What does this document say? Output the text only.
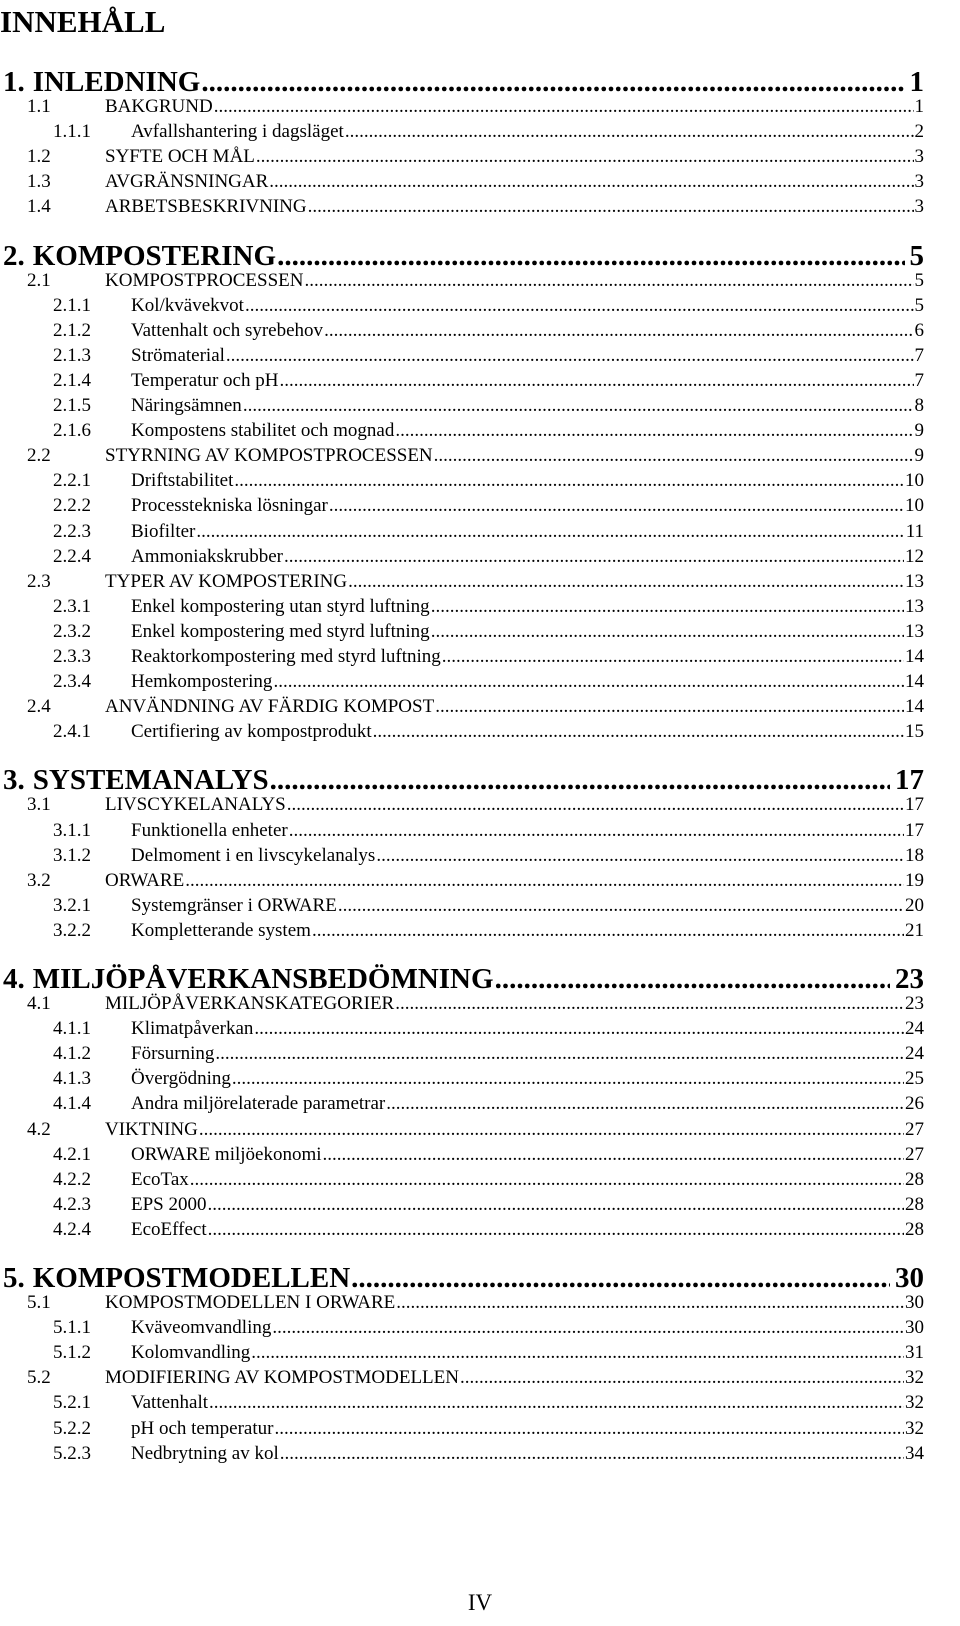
INNEHÅLL
1. INLEDNING .....	1
1.1	BAKGRUND .....	1
1.1.1	Avfallshantering i dagsläget .....	2
1.2	SYFTE OCH MÅL .....	3
1.3	AVGRÄNSNINGAR .....	3
1.4	ARBETSBESKRIVNING .....	3
2. KOMPOSTERING .....	5
2.1	KOMPOSTPROCESSEN .....	5
2.1.1	Kol/kvävekvot .....	5
2.1.2	Vattenhalt och syrebehov .....	6
2.1.3	Strömaterial .....	7
2.1.4	Temperatur och pH .....	7
2.1.5	Näringsämnen .....	8
2.1.6	Kompostens stabilitet och mognad .....	9
2.2	STYRNING AV KOMPOSTPROCESSEN .....	9
2.2.1	Driftstabilitet .....	10
2.2.2	Processtekniska lösningar .....	10
2.2.3	Biofilter .....	11
2.2.4	Ammoniakskrubber .....	12
2.3	TYPER AV KOMPOSTERING .....	13
2.3.1	Enkel kompostering utan styrd luftning .....	13
2.3.2	Enkel kompostering med styrd luftning .....	13
2.3.3	Reaktorkompostering med styrd luftning .....	14
2.3.4	Hemkompostering .....	14
2.4	ANVÄNDNING AV FÄRDIG KOMPOST .....	14
2.4.1	Certifiering av kompostprodukt .....	15
3. SYSTEMANALYS .....	17
3.1	LIVSCYKELANALYS .....	17
3.1.1	Funktionella enheter .....	17
3.1.2	Delmoment i en livscykelanalys .....	18
3.2	ORWARE .....	19
3.2.1	Systemgränser i ORWARE .....	20
3.2.2	Kompletterande system .....	21
4. MILJÖPÅVERKANSBEDÖMNING .....	23
4.1	MILJÖPÅVERKANSKATEGORIER .....	23
4.1.1	Klimatpåverkan .....	24
4.1.2	Försurning .....	24
4.1.3	Övergödning .....	25
4.1.4	Andra miljörelaterade parametrar .....	26
4.2	VIKTNING .....	27
4.2.1	ORWARE miljöekonomi .....	27
4.2.2	EcoTax .....	28
4.2.3	EPS 2000 .....	28
4.2.4	EcoEffect .....	28
5. KOMPOSTMODELLEN .....	30
5.1	KOMPOSTMODELLEN I ORWARE .....	30
5.1.1	Kväveomvandling .....	30
5.1.2	Kolomvandling .....	31
5.2	MODIFIERING AV KOMPOSTMODELLEN .....	32
5.2.1	Vattenhalt .....	32
5.2.2	pH och temperatur .....	32
5.2.3	Nedbrytning av kol .....	34
IV
